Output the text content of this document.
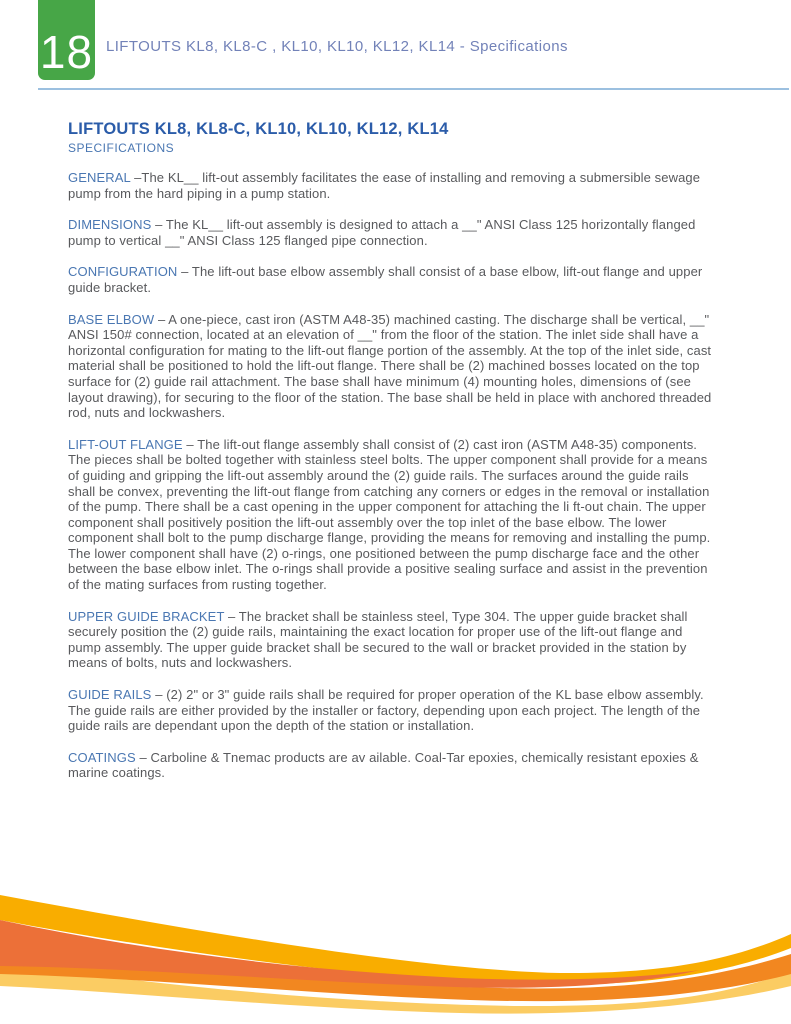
18 LIFTOUTS KL8, KL8-C , KL10, KL10, KL12, KL14 - Specifications
LIFTOUTS KL8, KL8-C, KL10, KL10, KL12, KL14
SPECIFICATIONS

GENERAL –The KL__ lift-out assembly facilitates the ease of installing and removing a submersible sewage pump from the hard piping in a pump station.

DIMENSIONS – The KL__ lift-out assembly is designed to attach a __" ANSI Class 125 horizontally flanged pump to vertical __" ANSI Class 125 flanged pipe connection.

CONFIGURATION – The lift-out base elbow assembly shall consist of a base elbow, lift-out flange and upper guide bracket.

BASE ELBOW – A one-piece, cast iron (ASTM A48-35) machined casting. The discharge shall be vertical, __" ANSI 150# connection, located at an elevation of __" from the floor of the station. The inlet side shall have a horizontal configuration for mating to the lift-out flange portion of the assembly. At the top of the inlet side, cast material shall be positioned to hold the lift-out flange. There shall be (2) machined bosses located on the top surface for (2) guide rail attachment. The base shall have minimum (4) mounting holes, dimensions of (see layout drawing), for securing to the floor of the station. The base shall be held in place with anchored threaded rod, nuts and lockwashers.

LIFT-OUT FLANGE – The lift-out flange assembly shall consist of (2) cast iron (ASTM A48-35) components. The pieces shall be bolted together with stainless steel bolts. The upper component shall provide for a means of guiding and gripping the lift-out assembly around the (2) guide rails. The surfaces around the guide rails shall be convex, preventing the lift-out flange from catching any corners or edges in the removal or installation of the pump. There shall be a cast opening in the upper component for attaching the li ft-out chain. The upper component shall positively position the lift-out assembly over the top inlet of the base elbow. The lower component shall bolt to the pump discharge flange, providing the means for removing and installing the pump. The lower component shall have (2) o-rings, one positioned between the pump discharge face and the other between the base elbow inlet. The o-rings shall provide a positive sealing surface and assist in the prevention of the mating surfaces from rusting together.

UPPER GUIDE BRACKET – The bracket shall be stainless steel, Type 304. The upper guide bracket shall securely position the (2) guide rails, maintaining the exact location for proper use of the lift-out flange and pump assembly. The upper guide bracket shall be secured to the wall or bracket provided in the station by means of bolts, nuts and lockwashers.

GUIDE RAILS – (2) 2" or 3" guide rails shall be required for proper operation of the KL base elbow assembly. The guide rails are either provided by the installer or factory, depending upon each project. The length of the guide rails are dependant upon the depth of the station or installation.

COATINGS – Carboline & Tnemac products are av ailable. Coal-Tar epoxies, chemically resistant epoxies & marine coatings.
